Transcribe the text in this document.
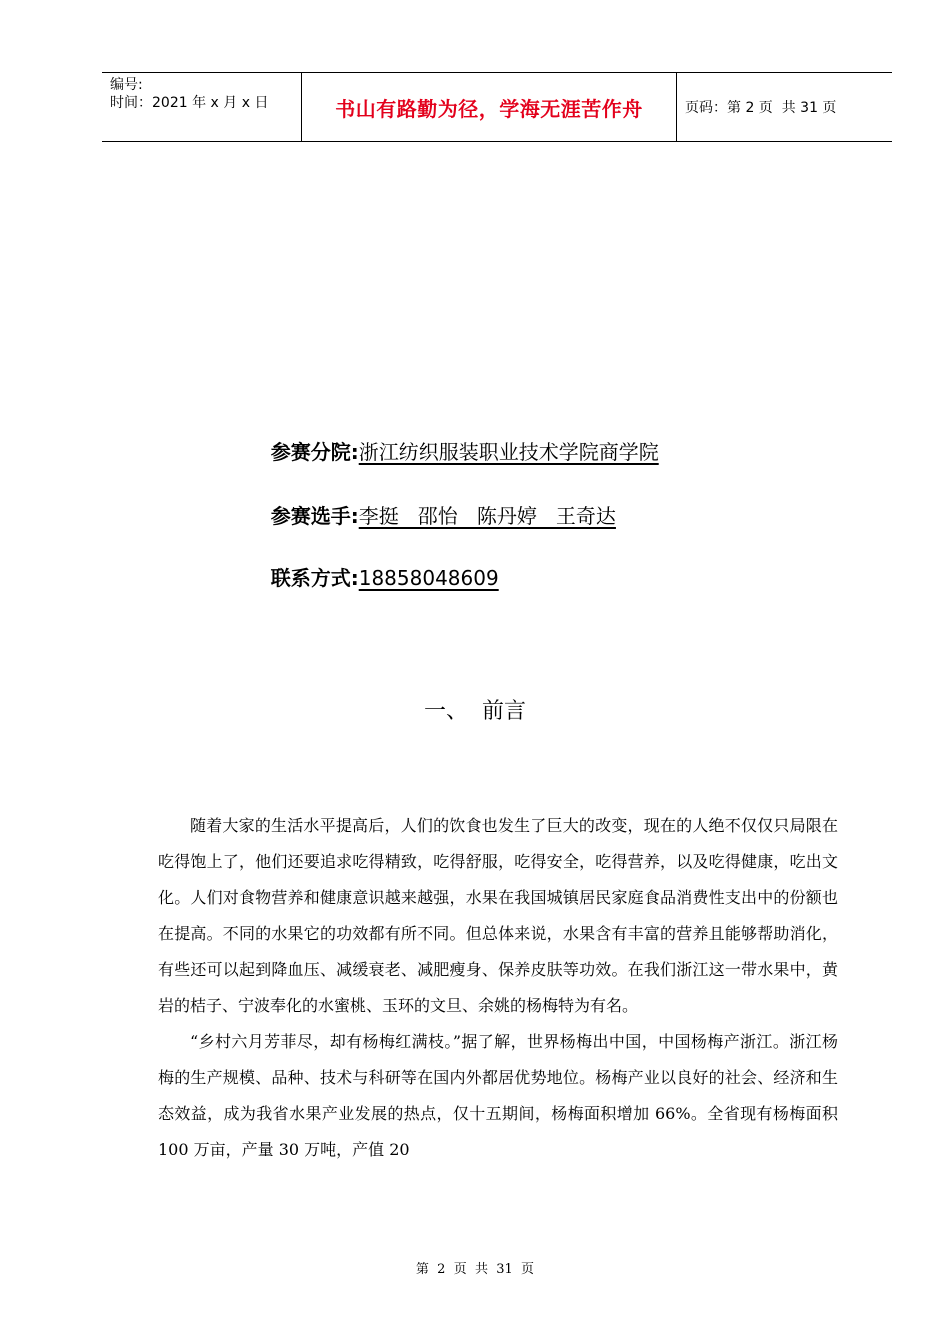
编号:
时间：2021 年 x 月 x 日	书山有路勤为径，学海无涯苦作舟	页码：第 2 页  共 31 页

参赛分院:浙江纺织服装职业技术学院商学院

参赛选手:李挺   邵怡   陈丹婷   王奇达

联系方式:18858048609

一、  前言

随着大家的生活水平提高后，人们的饮食也发生了巨大的改变，现在的人绝不仅仅只局限在吃得饱上了，他们还要追求吃得精致，吃得舒服，吃得安全，吃得营养，以及吃得健康，吃出文化。人们对食物营养和健康意识越来越强，水果在我国城镇居民家庭食品消费性支出中的份额也在提高。不同的水果它的功效都有所不同。但总体来说，水果含有丰富的营养且能够帮助消化，有些还可以起到降血压、减缓衰老、减肥瘦身、保养皮肤等功效。在我们浙江这一带水果中，黄岩的桔子、宁波奉化的水蜜桃、玉环的文旦、余姚的杨梅特为有名。

“乡村六月芳菲尽，却有杨梅红满枝。”据了解，世界杨梅出中国，中国杨梅产浙江。浙江杨梅的生产规模、品种、技术与科研等在国内外都居优势地位。杨梅产业以良好的社会、经济和生态效益，成为我省水果产业发展的热点，仅十五期间，杨梅面积增加 66%。全省现有杨梅面积 100 万亩，产量 30 万吨，产值 20

第  2  页  共  31  页
